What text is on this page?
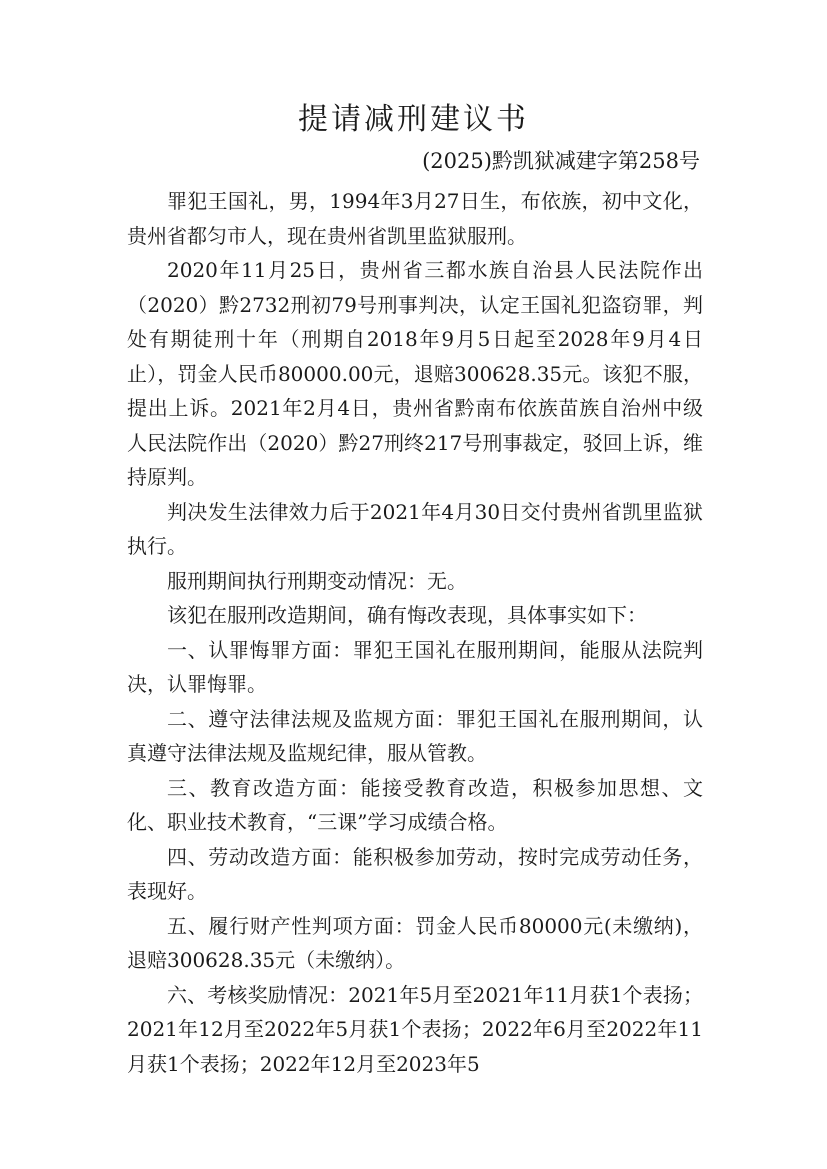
提请减刑建议书
(2025)黔凯狱减建字第258号

罪犯王国礼，男，1994年3月27日生，布依族，初中文化，贵州省都匀市人，现在贵州省凯里监狱服刑。

2020年11月25日，贵州省三都水族自治县人民法院作出（2020）黔2732刑初79号刑事判决，认定王国礼犯盗窃罪，判处有期徒刑十年（刑期自2018年9月5日起至2028年9月4日止），罚金人民币80000.00元，退赔300628.35元。该犯不服，提出上诉。2021年2月4日，贵州省黔南布依族苗族自治州中级人民法院作出（2020）黔27刑终217号刑事裁定，驳回上诉，维持原判。

判决发生法律效力后于2021年4月30日交付贵州省凯里监狱执行。

服刑期间执行刑期变动情况：无。

该犯在服刑改造期间，确有悔改表现，具体事实如下：

一、认罪悔罪方面：罪犯王国礼在服刑期间，能服从法院判决，认罪悔罪。

二、遵守法律法规及监规方面：罪犯王国礼在服刑期间，认真遵守法律法规及监规纪律，服从管教。

三、教育改造方面：能接受教育改造，积极参加思想、文化、职业技术教育，“三课”学习成绩合格。

四、劳动改造方面：能积极参加劳动，按时完成劳动任务，表现好。

五、履行财产性判项方面：罚金人民币80000元(未缴纳)，退赔300628.35元（未缴纳）。

六、考核奖励情况：2021年5月至2021年11月获1个表扬；2021年12月至2022年5月获1个表扬；2022年6月至2022年11月获1个表扬；2022年12月至2023年5
